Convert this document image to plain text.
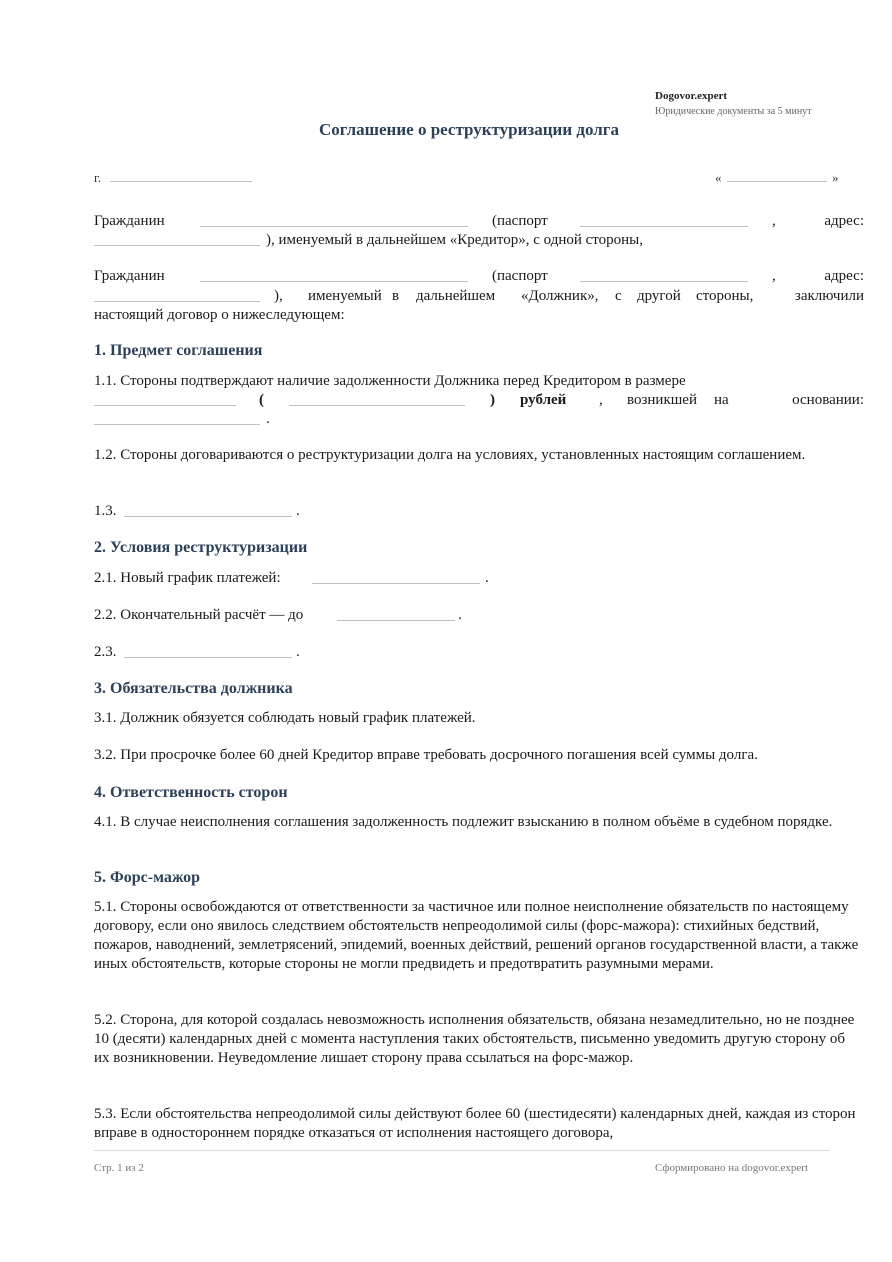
Dogovor.expert
Юридические документы за 5 минут
Соглашение о реструктуризации долга
г.	«	»
Гражданин	(паспорт	,	адрес:
), именуемый в дальнейшем «Кредитор», с одной стороны,
Гражданин	(паспорт	,	адрес:
), именуемый в дальнейшем «Должник», с другой стороны,	заключили
настоящий договор о нижеследующем:
1. Предмет соглашения
1.1. Стороны подтверждают наличие задолженности Должника перед Кредитором в размере
(	) рублей , возникшей на	основании:
.
1.2. Стороны договариваются о реструктуризации долга на условиях, установленных настоящим соглашением.
1.3.	.
2. Условия реструктуризации
2.1. Новый график платежей:	.
2.2. Окончательный расчёт — до	.
2.3.	.
3. Обязательства должника
3.1. Должник обязуется соблюдать новый график платежей.
3.2. При просрочке более 60 дней Кредитор вправе требовать досрочного погашения всей суммы долга.
4. Ответственность сторон
4.1. В случае неисполнения соглашения задолженность подлежит взысканию в полном объёме в судебном порядке.
5. Форс-мажор
5.1. Стороны освобождаются от ответственности за частичное или полное неисполнение обязательств по настоящему договору, если оно явилось следствием обстоятельств непреодолимой силы (форс-мажора): стихийных бедствий, пожаров, наводнений, землетрясений, эпидемий, военных действий, решений органов государственной власти, а также иных обстоятельств, которые стороны не могли предвидеть и предотвратить разумными мерами.
5.2. Сторона, для которой создалась невозможность исполнения обязательств, обязана незамедлительно, но не позднее 10 (десяти) календарных дней с момента наступления таких обстоятельств, письменно уведомить другую сторону об их возникновении. Неуведомление лишает сторону права ссылаться на форс-мажор.
5.3. Если обстоятельства непреодолимой силы действуют более 60 (шестидесяти) календарных дней, каждая из сторон вправе в одностороннем порядке отказаться от исполнения настоящего договора,
Стр. 1 из 2	Сформировано на dogovor.expert
